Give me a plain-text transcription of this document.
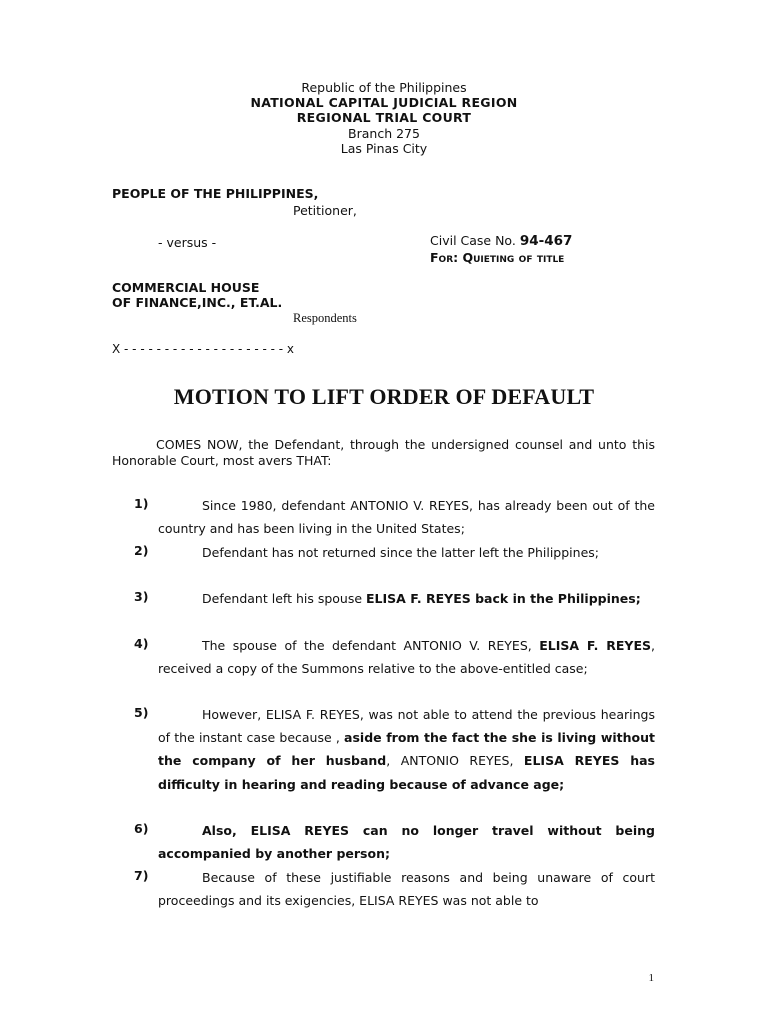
Republic of the Philippines
NATIONAL CAPITAL JUDICIAL REGION
REGIONAL TRIAL COURT
Branch 275
Las Pinas City
PEOPLE OF THE PHILIPPINES,
Petitioner,
- versus -	Civil Case No. 94-467
For: Quieting of title
COMMERCIAL HOUSE
OF FINANCE,INC., ET.AL.
Respondents
X - - - - - - - - - - - - - - - - - - - - x
MOTION TO LIFT ORDER OF DEFAULT
COMES NOW, the Defendant, through the undersigned counsel and unto this Honorable Court, most avers THAT:
1)	Since 1980, defendant ANTONIO V. REYES, has already been out of the country and has been living in the United States;
2)	Defendant has not returned since the latter left the Philippines;
3)	Defendant left his spouse ELISA F. REYES back in the Philippines;
4)	The spouse of the defendant ANTONIO V. REYES, ELISA F. REYES, received a copy of the Summons relative to the above-entitled case;
5)	However, ELISA F. REYES, was not able to attend the previous hearings of the instant case because , aside from the fact the she is living without the company of her husband, ANTONIO REYES, ELISA REYES has difficulty in hearing and reading because of advance age;
6)	Also, ELISA REYES can no longer travel without being accompanied by another person;
7)	Because of these justifiable reasons and being unaware of court proceedings and its exigencies, ELISA REYES was not able to
1
